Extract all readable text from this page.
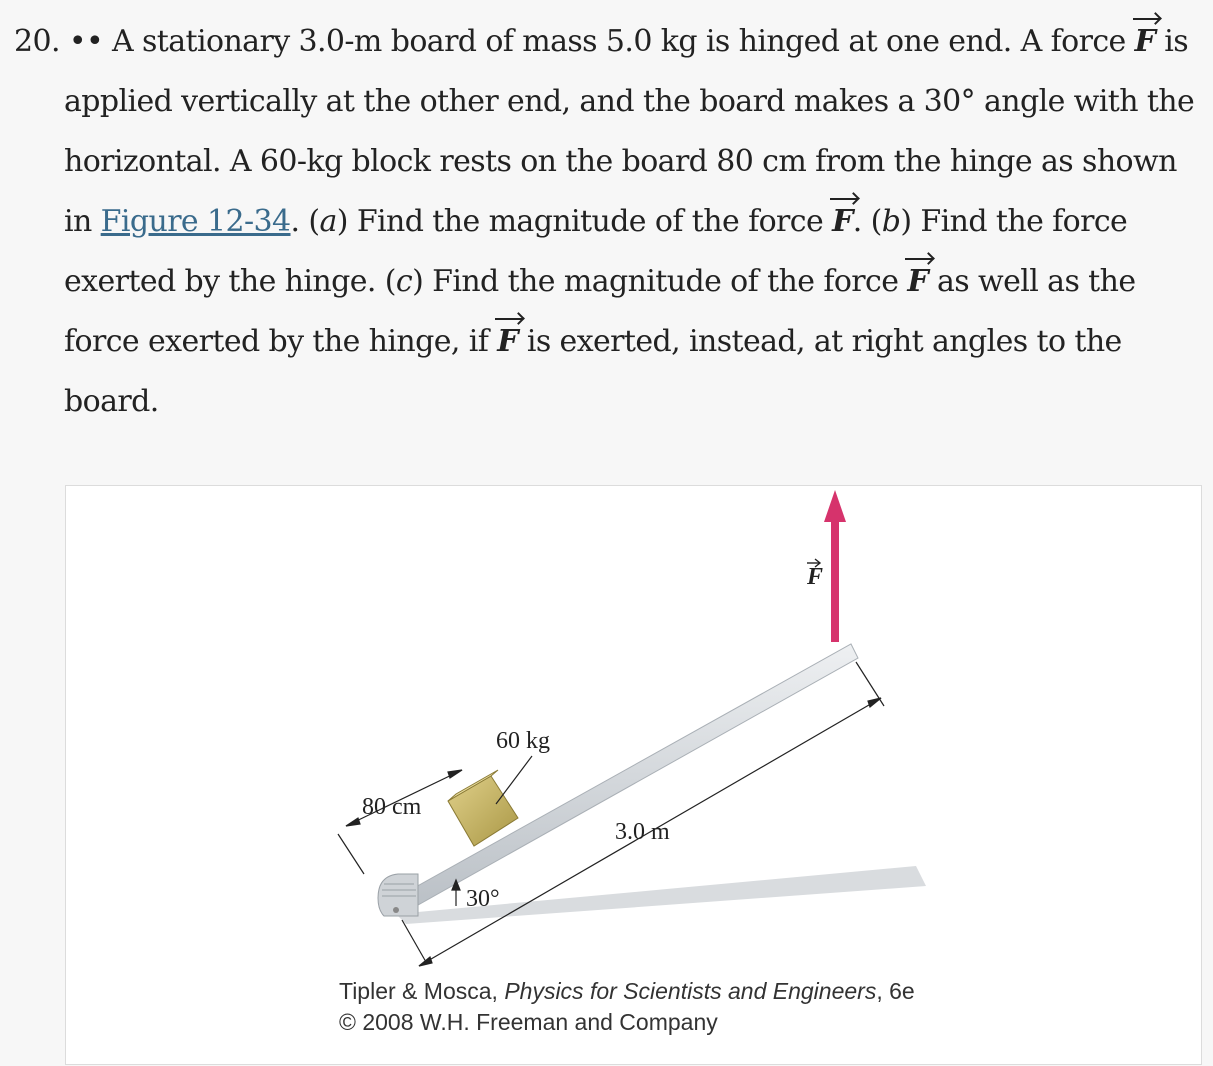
20. •• A stationary 3.0-m board of mass 5.0 kg is hinged at one end. A force F is
applied vertically at the other end, and the board makes a 30° angle with the horizontal. A 60-kg block rests on the board 80 cm from the hinge as shown in Figure 12-34. (a) Find the magnitude of the force F. (b) Find the force exerted by the hinge. (c) Find the magnitude of the force F as well as the force exerted by the hinge, if F is exerted, instead, at right angles to the board.
60 kg
80 cm
3.0 m
30°
F
Tipler & Mosca, Physics for Scientists and Engineers, 6e
© 2008 W.H. Freeman and Company
